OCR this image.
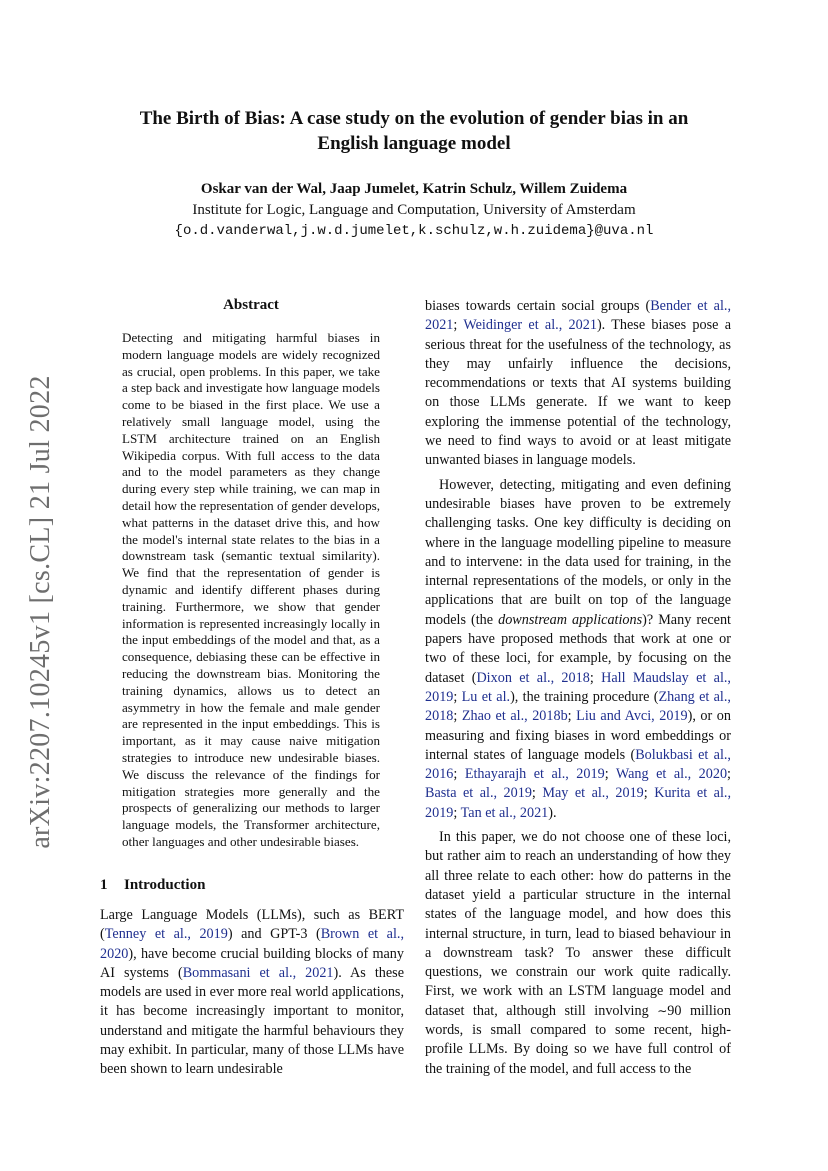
arXiv:2207.10245v1 [cs.CL] 21 Jul 2022
The Birth of Bias: A case study on the evolution of gender bias in an English language model
Oskar van der Wal, Jaap Jumelet, Katrin Schulz, Willem Zuidema
Institute for Logic, Language and Computation, University of Amsterdam
{o.d.vanderwal,j.w.d.jumelet,k.schulz,w.h.zuidema}@uva.nl
Abstract
Detecting and mitigating harmful biases in modern language models are widely recognized as crucial, open problems. In this paper, we take a step back and investigate how language models come to be biased in the first place. We use a relatively small language model, using the LSTM architecture trained on an English Wikipedia corpus. With full access to the data and to the model parameters as they change during every step while training, we can map in detail how the representation of gender develops, what patterns in the dataset drive this, and how the model's internal state relates to the bias in a downstream task (semantic textual similarity). We find that the representation of gender is dynamic and identify different phases during training. Furthermore, we show that gender information is represented increasingly locally in the input embeddings of the model and that, as a consequence, debiasing these can be effective in reducing the downstream bias. Monitoring the training dynamics, allows us to detect an asymmetry in how the female and male gender are represented in the input embeddings. This is important, as it may cause naive mitigation strategies to introduce new undesirable biases. We discuss the relevance of the findings for mitigation strategies more generally and the prospects of generalizing our methods to larger language models, the Transformer architecture, other languages and other undesirable biases.
1 Introduction
Large Language Models (LLMs), such as BERT (Tenney et al., 2019) and GPT-3 (Brown et al., 2020), have become crucial building blocks of many AI systems (Bommasani et al., 2021). As these models are used in ever more real world applications, it has become increasingly important to monitor, understand and mitigate the harmful behaviours they may exhibit. In particular, many of those LLMs have been shown to learn undesirable

biases towards certain social groups (Bender et al., 2021; Weidinger et al., 2021). These biases pose a serious threat for the usefulness of the technology, as they may unfairly influence the decisions, recommendations or texts that AI systems building on those LLMs generate. If we want to keep exploring the immense potential of the technology, we need to find ways to avoid or at least mitigate unwanted biases in language models.

However, detecting, mitigating and even defining undesirable biases have proven to be extremely challenging tasks. One key difficulty is deciding on where in the language modelling pipeline to measure and to intervene: in the data used for training, in the internal representations of the models, or only in the applications that are built on top of the language models (the downstream applications)? Many recent papers have proposed methods that work at one or two of these loci, for example, by focusing on the dataset (Dixon et al., 2018; Hall Maudslay et al., 2019; Lu et al.), the training procedure (Zhang et al., 2018; Zhao et al., 2018b; Liu and Avci, 2019), or on measuring and fixing biases in word embeddings or internal states of language models (Bolukbasi et al., 2016; Ethayarajh et al., 2019; Wang et al., 2020; Basta et al., 2019; May et al., 2019; Kurita et al., 2019; Tan et al., 2021).

In this paper, we do not choose one of these loci, but rather aim to reach an understanding of how they all three relate to each other: how do patterns in the dataset yield a particular structure in the internal states of the language model, and how does this internal structure, in turn, lead to biased behaviour in a downstream task? To answer these difficult questions, we constrain our work quite radically. First, we work with an LSTM language model and dataset that, although still involving ∼90 million words, is small compared to some recent, high-profile LLMs. By doing so we have full control of the training of the model, and full access to the
